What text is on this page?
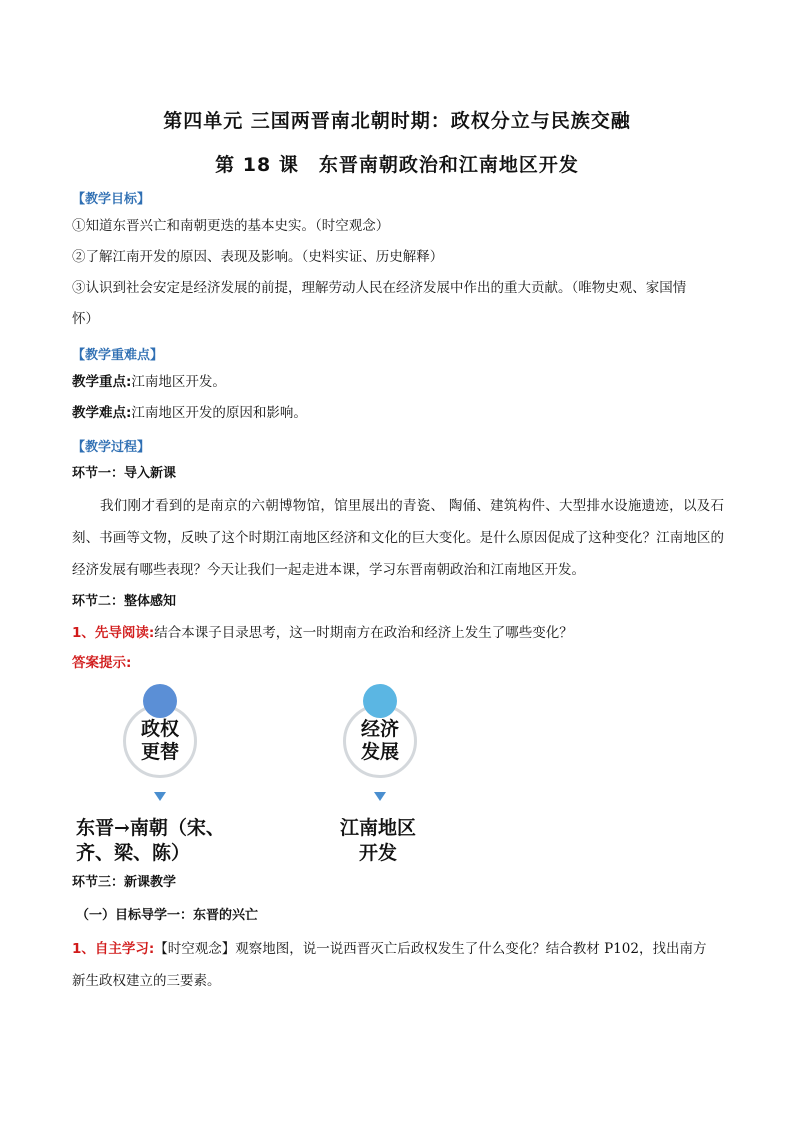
第四单元 三国两晋南北朝时期：政权分立与民族交融
第 18 课　东晋南朝政治和江南地区开发
【教学目标】
①知道东晋兴亡和南朝更迭的基本史实。（时空观念）
②了解江南开发的原因、表现及影响。（史料实证、历史解释）
③认识到社会安定是经济发展的前提，理解劳动人民在经济发展中作出的重大贡献。（唯物史观、家国情
怀）
【教学重难点】
教学重点:江南地区开发。
教学难点:江南地区开发的原因和影响。
【教学过程】
环节一：导入新课
我们刚才看到的是南京的六朝博物馆，馆里展出的青瓷、 陶俑、建筑构件、大型排水设施遗迹，以及石刻、书画等文物，反映了这个时期江南地区经济和文化的巨大变化。是什么原因促成了这种变化？江南地区的经济发展有哪些表现？今天让我们一起走进本课，学习东晋南朝政治和江南地区开发。
环节二：整体感知
1、先导阅读:结合本课子目录思考，这一时期南方在政治和经济上发生了哪些变化？
答案提示:
政权
更替
东晋→南朝（宋、
齐、梁、陈）
经济
发展
江南地区
开发
环节三：新课教学
（一）目标导学一：东晋的兴亡
1、自主学习:【时空观念】观察地图，说一说西晋灭亡后政权发生了什么变化？结合教材 P102，找出南方
新生政权建立的三要素。
